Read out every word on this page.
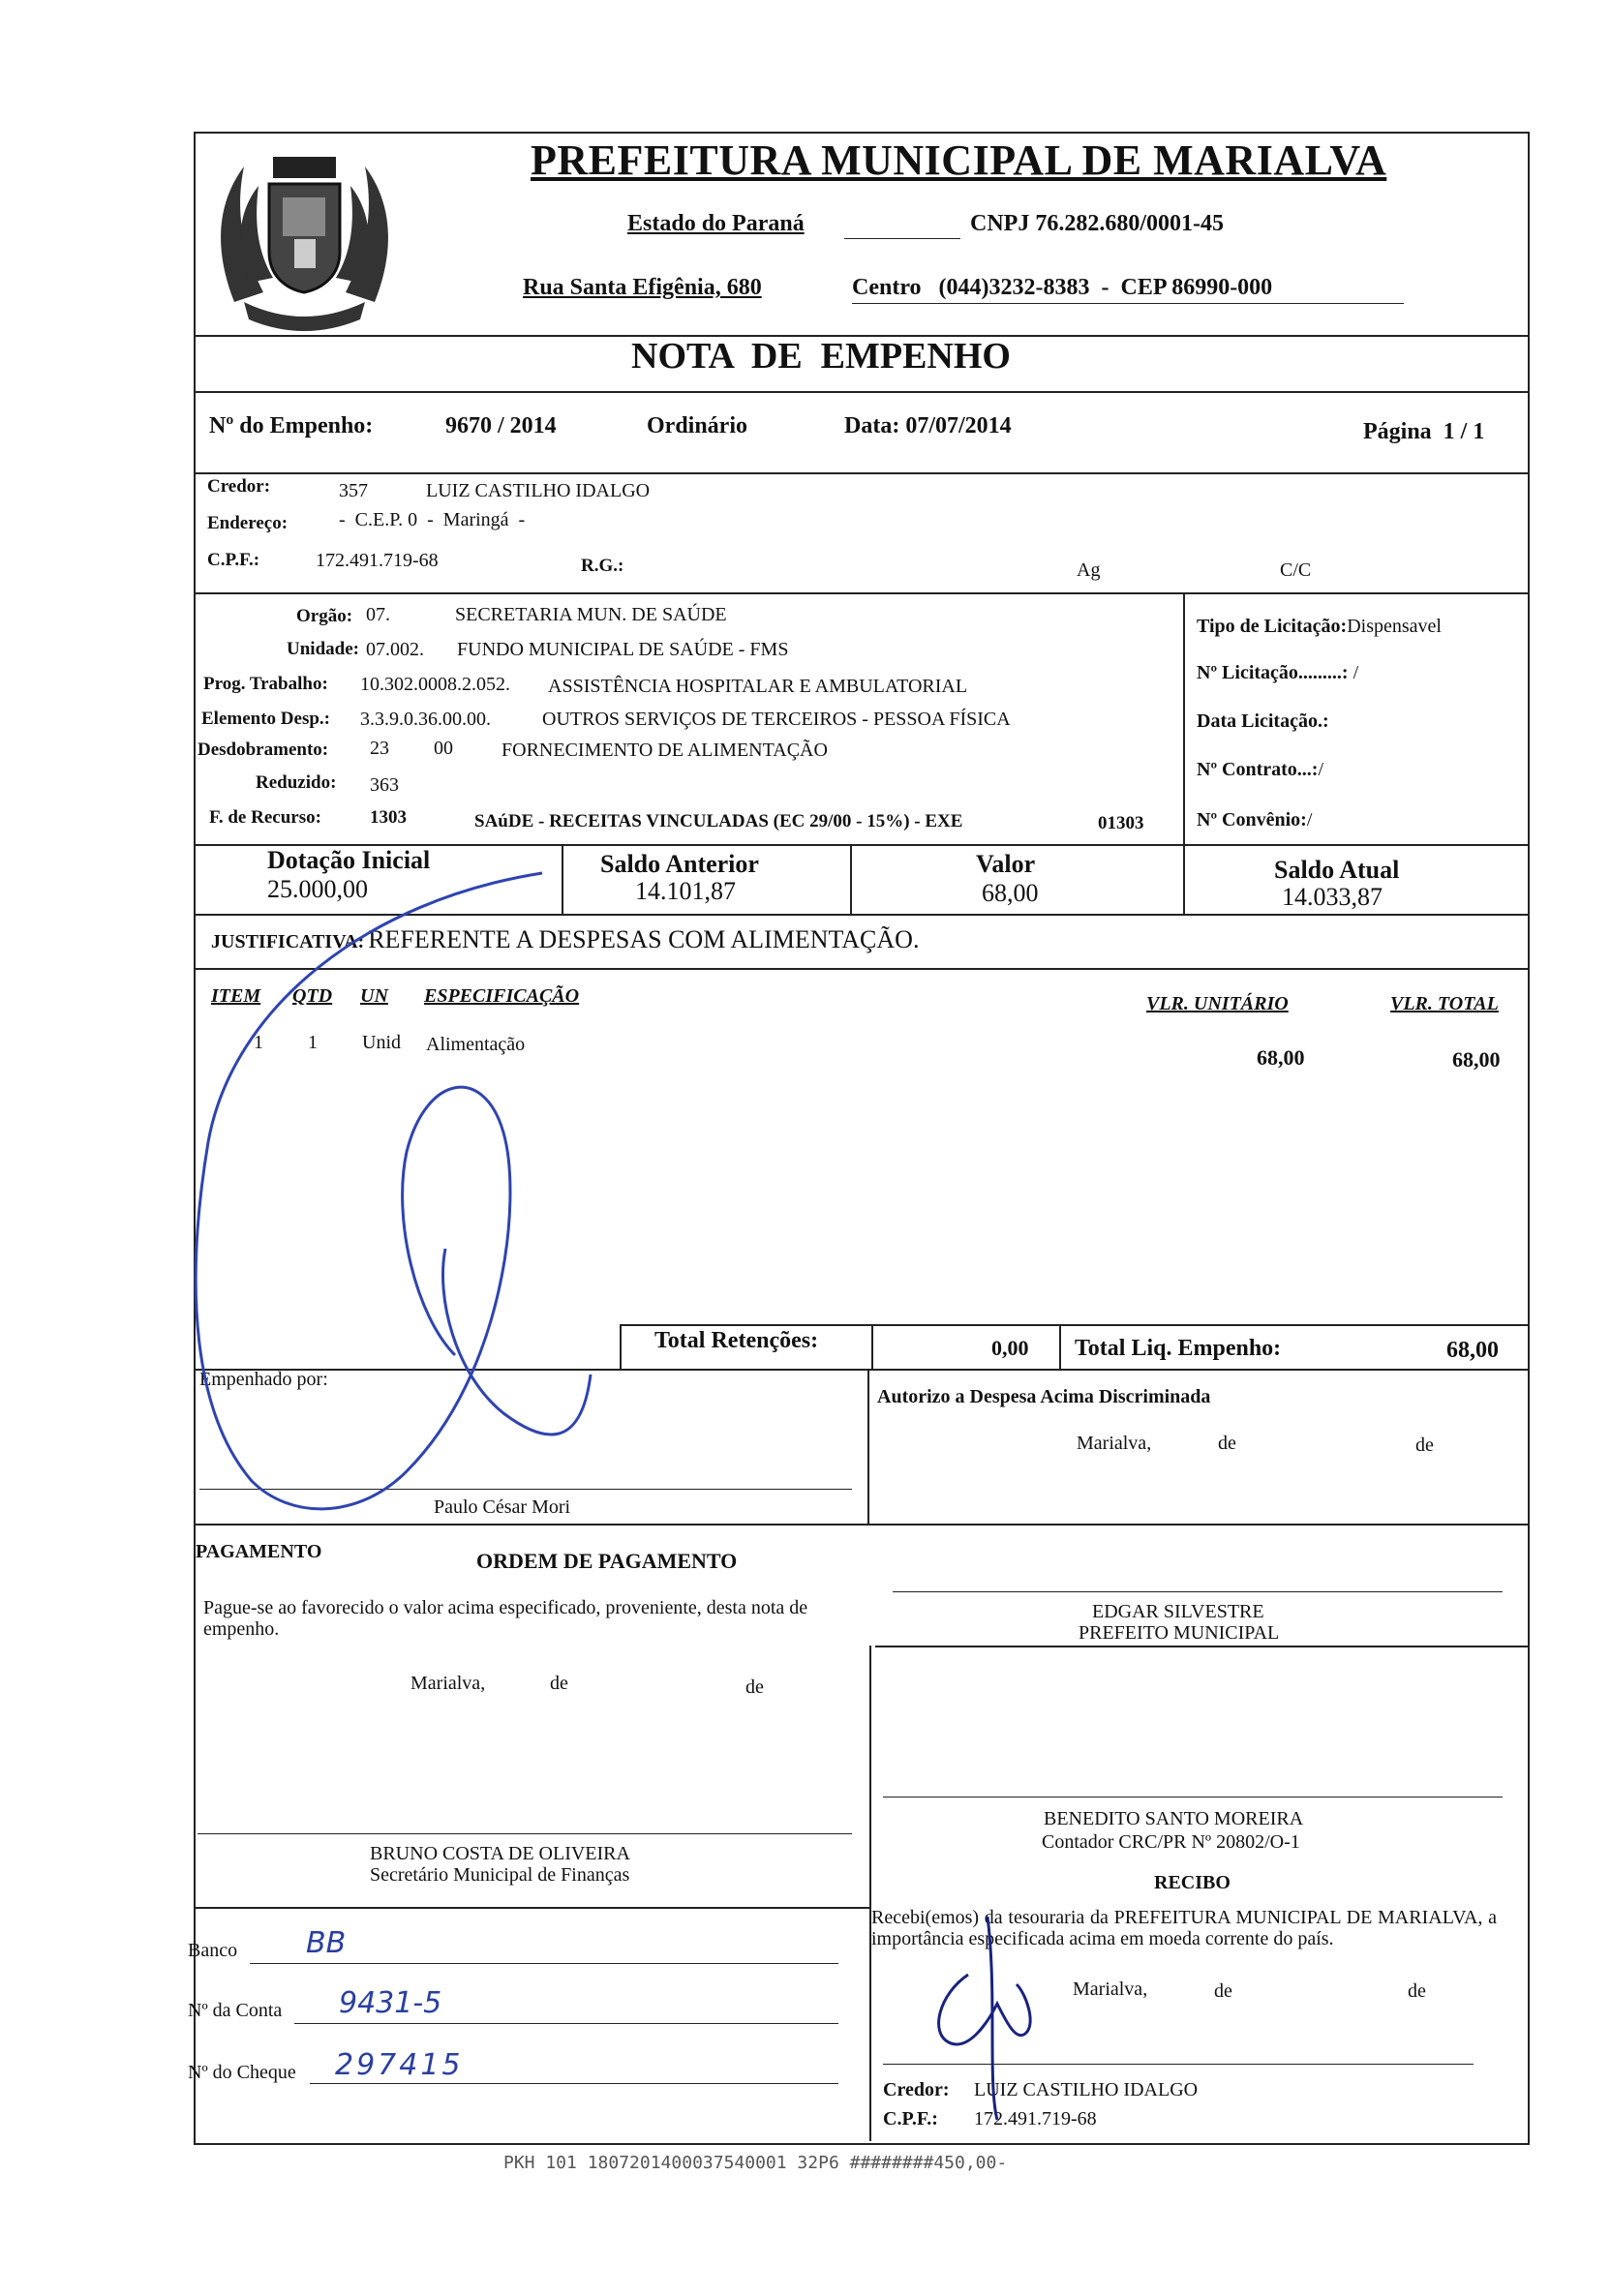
PREFEITURA MUNICIPAL DE MARIALVA
Estado do Paraná	CNPJ 76.282.680/0001-45
Rua Santa Efigênia, 680	Centro   (044)3232-8383  -  CEP 86990-000
NOTA  DE  EMPENHO
Nº do Empenho:	9670 / 2014	Ordinário	Data: 07/07/2014	Página  1 / 1
Credor:	357	LUIZ CASTILHO IDALGO
Endereço:	-  C.E.P. 0  -  Maringá  -
C.P.F.:	172.491.719-68	R.G.:	Ag	C/C
Orgão: 07.	SECRETARIA MUN. DE SAÚDE
Unidade: 07.002. FUNDO MUNICIPAL DE SAÚDE - FMS
Prog. Trabalho: 10.302.0008.2.052. ASSISTÊNCIA HOSPITALAR E AMBULATORIAL
Elemento Desp.: 3.3.9.0.36.00.00.	OUTROS SERVIÇOS DE TERCEIROS - PESSOA FÍSICA
Desdobramento: 23 00	FORNECIMENTO DE ALIMENTAÇÃO
Reduzido: 363
F. de Recurso:	1303	SAúDE - RECEITAS VINCULADAS (EC 29/00 - 15%) - EXE	01303
Tipo de Licitação:Dispensavel
Nº Licitação.........: /
Data Licitação.:
Nº Contrato...:/
Nº Convênio:/
Dotação Inicial
25.000,00
Saldo Anterior
14.101,87
Valor
68,00
Saldo Atual
14.033,87
JUSTIFICATIVA: REFERENTE A DESPESAS COM ALIMENTAÇÃO.
ITEM QTD UN ESPECIFICAÇÃO	VLR. UNITÁRIO	VLR. TOTAL
1 1 Unid Alimentação
68,00	68,00
Total Retenções:	0,00 Total Liq. Empenho:	68,00
Empenhado por:
Paulo César Mori
Autorizo a Despesa Acima Discriminada
Marialva,	de	de
PAGAMENTO	ORDEM DE PAGAMENTO
Pague-se ao favorecido o valor acima especificado, proveniente, desta nota de empenho.
Marialva,	de	de
BRUNO COSTA DE OLIVEIRA
Secretário Municipal de Finanças
EDGAR SILVESTRE
PREFEITO MUNICIPAL
BENEDITO SANTO MOREIRA
Contador CRC/PR Nº 20802/O-1
RECIBO
Recebi(emos) da tesouraria da PREFEITURA MUNICIPAL DE MARIALVA, a importância especificada acima em moeda corrente do país.
Marialva,	de	de
Credor: LUIZ CASTILHO IDALGO
C.P.F.: 172.491.719-68
Banco BB
Nº da Conta 9431-5
Nº do Cheque 297415
PKH 101 1807201400037540001 32P6 ########450,00-
